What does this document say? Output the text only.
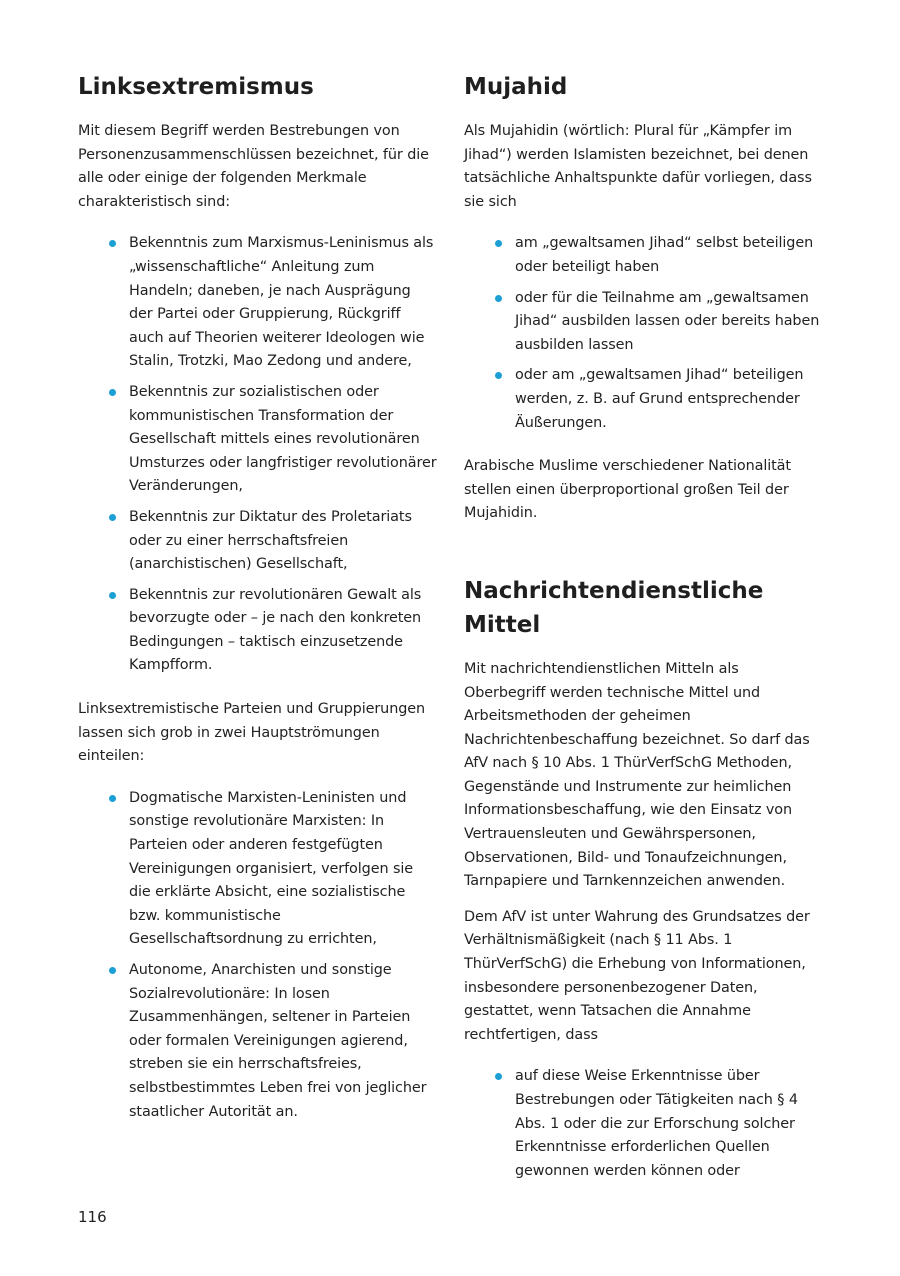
Linksextremismus

Mit diesem Begriff werden Bestrebungen von Personenzusammenschlüssen bezeichnet, für die alle oder einige der folgenden Merkmale charakteristisch sind:

Bekenntnis zum Marxismus-Leninismus als „wissenschaftliche“ Anleitung zum Handeln; daneben, je nach Ausprägung der Partei oder Gruppierung, Rückgriff auch auf Theorien weiterer Ideologen wie Stalin, Trotzki, Mao Zedong und andere,
Bekenntnis zur sozialistischen oder kommunistischen Transformation der Gesellschaft mittels eines revolutionären Umsturzes oder langfristiger revolutionärer Veränderungen,
Bekenntnis zur Diktatur des Proletariats oder zu einer herrschaftsfreien (anarchistischen) Gesellschaft,
Bekenntnis zur revolutionären Gewalt als bevorzugte oder – je nach den konkreten Bedingungen – taktisch einzusetzende Kampfform.

Linksextremistische Parteien und Gruppierungen lassen sich grob in zwei Hauptströmungen einteilen:

Dogmatische Marxisten-Leninisten und sonstige revolutionäre Marxisten: In Parteien oder anderen festgefügten Vereinigungen organisiert, verfolgen sie die erklärte Absicht, eine sozialistische bzw. kommunistische Gesellschaftsordnung zu errichten,
Autonome, Anarchisten und sonstige Sozialrevolutionäre: In losen Zusammenhängen, seltener in Parteien oder formalen Vereinigungen agierend, streben sie ein herrschaftsfreies, selbstbestimmtes Leben frei von jeglicher staatlicher Autorität an.
Mujahid

Als Mujahidin (wörtlich: Plural für „Kämpfer im Jihad“) werden Islamisten bezeichnet, bei denen tatsächliche Anhaltspunkte dafür vorliegen, dass sie sich

am „gewaltsamen Jihad“ selbst beteiligen oder beteiligt haben
oder für die Teilnahme am „gewaltsamen Jihad“ ausbilden lassen oder bereits haben ausbilden lassen
oder am „gewaltsamen Jihad“ beteiligen werden, z. B. auf Grund entsprechender Äußerungen.

Arabische Muslime verschiedener Nationalität stellen einen überproportional großen Teil der Mujahidin.

Nachrichtendienstliche Mittel

Mit nachrichtendienstlichen Mitteln als Oberbegriff werden technische Mittel und Arbeitsmethoden der geheimen Nachrichtenbeschaffung bezeichnet. So darf das AfV nach § 10 Abs. 1 ThürVerfSchG Methoden, Gegenstände und Instrumente zur heimlichen Informationsbeschaffung, wie den Einsatz von Vertrauensleuten und Gewährspersonen, Observationen, Bild- und Tonaufzeichnungen, Tarnpapiere und Tarnkennzeichen anwenden.

Dem AfV ist unter Wahrung des Grundsatzes der Verhältnismäßigkeit (nach § 11 Abs. 1 ThürVerfSchG) die Erhebung von Informationen, insbesondere personenbezogener Daten, gestattet, wenn Tatsachen die Annahme rechtfertigen, dass

auf diese Weise Erkenntnisse über Bestrebungen oder Tätigkeiten nach § 4 Abs. 1 oder die zur Erforschung solcher Erkenntnisse erforderlichen Quellen gewonnen werden können oder
116
